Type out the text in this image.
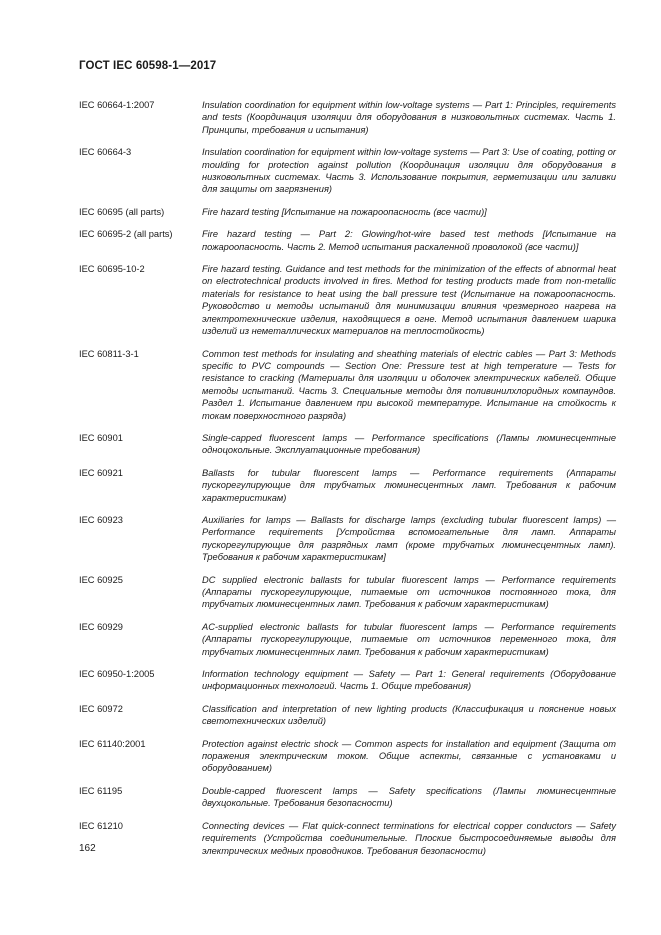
ГОСТ IEC 60598-1—2017
IEC 60664-1:2007	Insulation coordination for equipment within low-voltage systems — Part 1: Principles, requirements and tests (Координация изоляции для оборудования в низковольтных системах. Часть 1. Принципы, требования и испытания)
IEC 60664-3	Insulation coordination for equipment within low-voltage systems — Part 3: Use of coating, potting or moulding for protection against pollution (Координация изоляции для оборудования в низковольтных системах. Часть 3. Использование покрытия, герметизации или заливки для защиты от загрязнения)
IEC 60695 (all parts)	Fire hazard testing [Испытание на пожароопасность (все части)]
IEC 60695-2 (all parts)	Fire hazard testing — Part 2: Glowing/hot-wire based test methods [Испытание на пожароопасность. Часть 2. Метод испытания раскаленной проволокой (все части)]
IEC 60695-10-2	Fire hazard testing. Guidance and test methods for the minimization of the effects of abnormal heat on electrotechnical products involved in fires. Method for testing products made from non-metallic materials for resistance to heat using the ball pressure test (Испытание на пожароопасность. Руководство и методы испытаний для минимизации влияния чрезмерного нагрева на электротехнические изделия, находящиеся в огне. Метод испытания давлением шарика изделий из неметаллических материалов на теплостойкость)
IEC 60811-3-1	Common test methods for insulating and sheathing materials of electric cables — Part 3: Methods specific to PVC compounds — Section One: Pressure test at high temperature — Tests for resistance to cracking (Материалы для изоляции и оболочек электрических кабелей. Общие методы испытаний. Часть 3. Специальные методы для поливинилхлоридных компаундов. Раздел 1. Испытание давлением при высокой температуре. Испытание на стойкость к токам поверхностного разряда)
IEC 60901	Single-capped fluorescent lamps — Performance specifications (Лампы люминесцентные одноцокольные. Эксплуатационные требования)
IEC 60921	Ballasts for tubular fluorescent lamps — Performance requirements (Аппараты пускорегулирующие для трубчатых люминесцентных ламп. Требования к рабочим характеристикам)
IEC 60923	Auxiliaries for lamps — Ballasts for discharge lamps (excluding tubular fluorescent lamps) — Performance requirements [Устройства вспомогательные для ламп. Аппараты пускорегулирующие для разрядных ламп (кроме трубчатых люминесцентных ламп). Требования к рабочим характеристикам]
IEC 60925	DC supplied electronic ballasts for tubular fluorescent lamps — Performance requirements (Аппараты пускорегулирующие, питаемые от источников постоянного тока, для трубчатых люминесцентных ламп. Требования к рабочим характеристикам)
IEC 60929	AC-supplied electronic ballasts for tubular fluorescent lamps — Performance requirements (Аппараты пускорегулирующие, питаемые от источников переменного тока, для трубчатых люминесцентных ламп. Требования к рабочим характеристикам)
IEC 60950-1:2005	Information technology equipment — Safety — Part 1: General requirements (Оборудование информационных технологий. Часть 1. Общие требования)
IEC 60972	Classification and interpretation of new lighting products (Классификация и пояснение новых светотехнических изделий)
IEC 61140:2001	Protection against electric shock — Common aspects for installation and equipment (Защита от поражения электрическим током. Общие аспекты, связанные с установками и оборудованием)
IEC 61195	Double-capped fluorescent lamps — Safety specifications (Лампы люминесцентные двухцокольные. Требования безопасности)
IEC 61210	Connecting devices — Flat quick-connect terminations for electrical copper conductors — Safety requirements (Устройства соединительные. Плоские быстросоединяемые выводы для электрических медных проводников. Требования безопасности)
162
